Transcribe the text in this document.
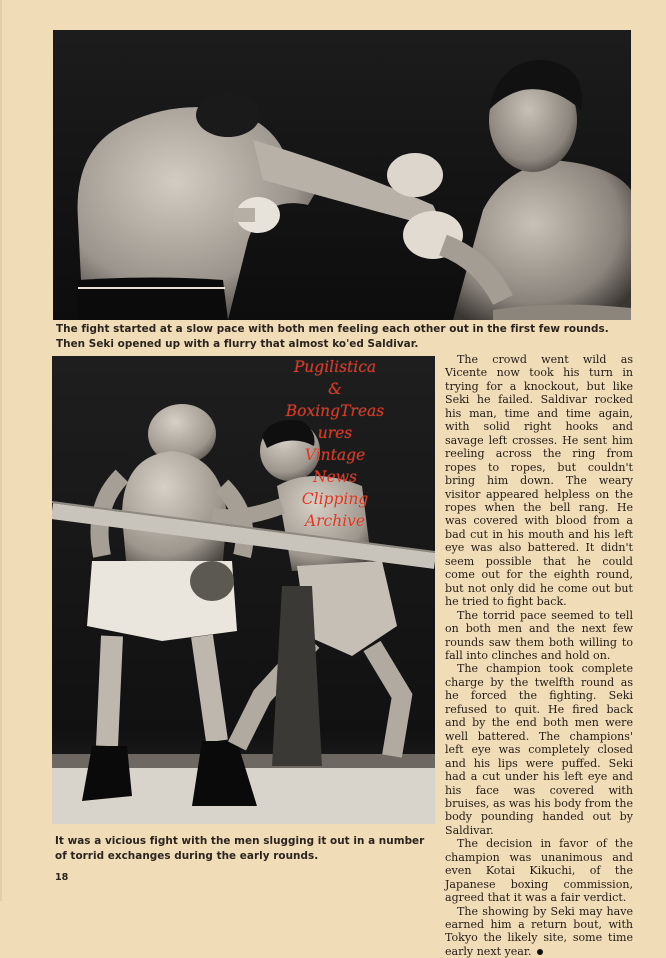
The fight started at a slow pace with both men feeling each other out in the first few rounds. Then Seki opened up with a flurry that almost ko'ed Saldivar.
Pugilistica
&
BoxingTreas
ures
Vintage
News
Clipping
Archive
It was a vicious fight with the men slugging it out in a number of torrid exchanges during the early rounds.

The crowd went wild as Vicente now took his turn in trying for a knockout, but like Seki he failed. Saldivar rocked his man, time and time again, with solid right hooks and savage left crosses. He sent him reeling across the ring from ropes to ropes, but couldn't bring him down. The weary visitor appeared helpless on the ropes when the bell rang. He was covered with blood from a bad cut in his mouth and his left eye was also battered. It didn't seem possible that he could come out for the eighth round, but not only did he come out but he tried to fight back.

The torrid pace seemed to tell on both men and the next few rounds saw them both willing to fall into clinches and hold on.

The champion took complete charge by the twelfth round as he forced the fighting. Seki refused to quit. He fired back and by the end both men were well battered. The champions' left eye was completely closed and his lips were puffed. Seki had a cut under his left eye and his face was covered with bruises, as was his body from the body pounding handed out by Saldivar.

The decision in favor of the champion was unanimous and even Kotai Kikuchi, of the Japanese boxing commission, agreed that it was a fair verdict.

The showing by Seki may have earned him a return bout, with Tokyo the likely site, some time early next year.

18
